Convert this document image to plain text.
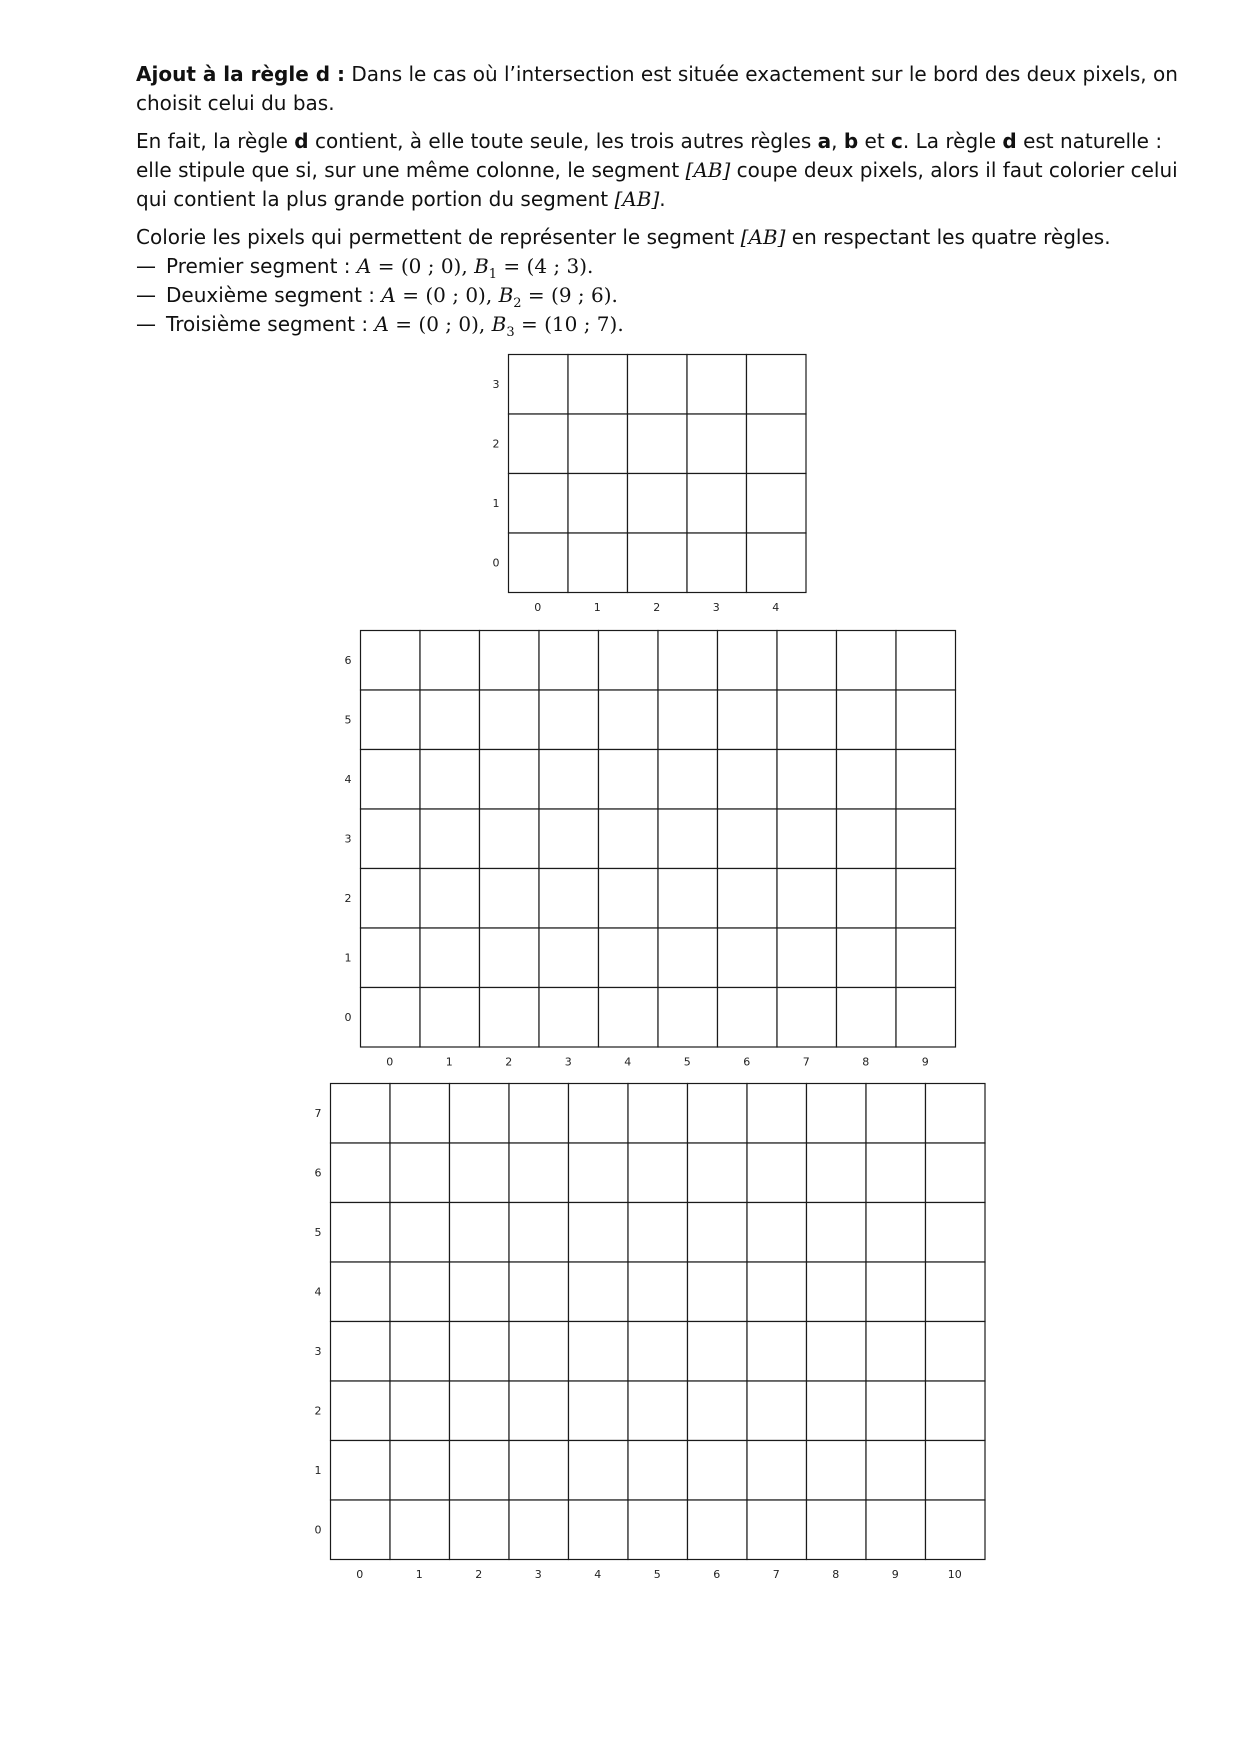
Ajout à la règle d : Dans le cas où l’intersection est située exactement sur le bord des deux pixels, on choisit celui du bas.

En fait, la règle d contient, à elle toute seule, les trois autres règles a, b et c. La règle d est naturelle : elle stipule que si, sur une même colonne, le segment [AB] coupe deux pixels, alors il faut colorier celui qui contient la plus grande portion du segment [AB].

Colorie les pixels qui permettent de représenter le segment [AB] en respectant les quatre règles.

— Premier segment : A = (0 ; 0), $B_1 = (4$ ; 3).
— Deuxième segment : A = (0 ; 0), $B_2 = (9$ ; 6).
— Troisième segment : A = (0 ; 0), $B_3 = (10$ ; 7).
0	1	2	3	4
0
1
2
3
0	1	2	3	4	5	6	7	8	9
0
1
2
3
4
5
6
0	1	2	3	4	5	6	7	8	9	10
0
1
2
3
4
5
6
7
